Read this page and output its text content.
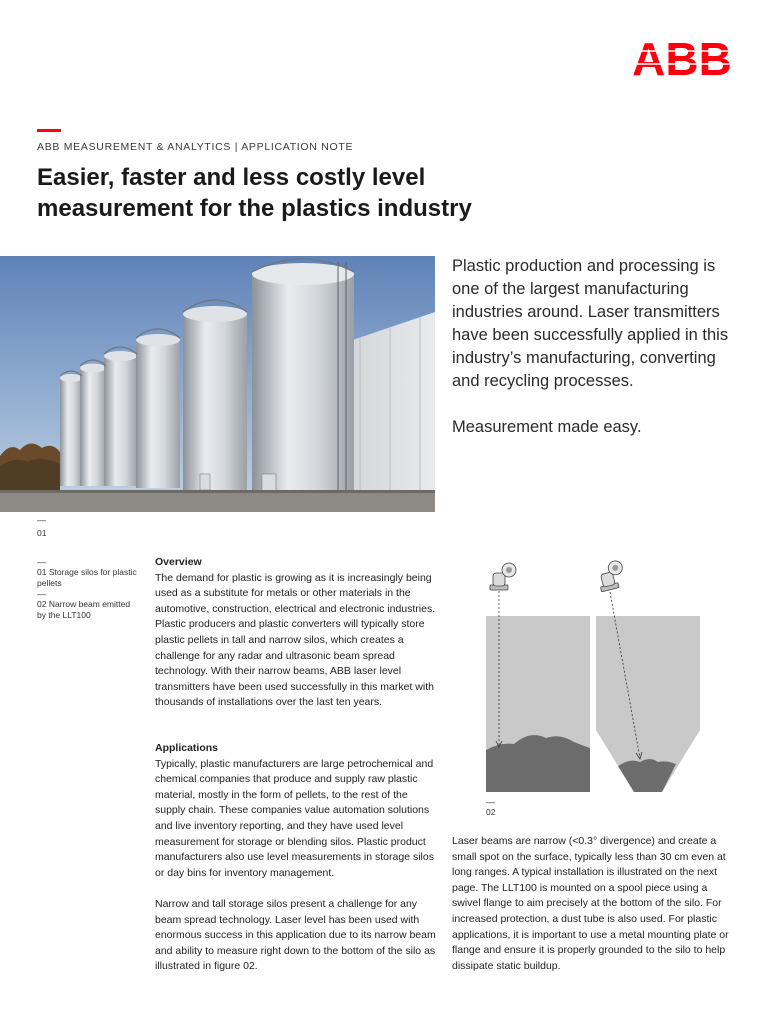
ABB
ABB MEASUREMENT & ANALYTICS | APPLICATION NOTE
Easier, faster and less costly level measurement for the plastics industry

Plastic production and processing is one of the largest manufacturing industries around. Laser transmitters have been successfully applied in this industry’s manufacturing, converting and recycling processes.

Measurement made easy.

—
01
—

01 Storage silos for plastic pellets

—

02 Narrow beam emitted by the LLT100

Overview

The demand for plastic is growing as it is increasingly being used as a substitute for metals or other materials in the automotive, construction, electrical and electronic industries. Plastic producers and plastic converters will typically store plastic pellets in tall and narrow silos, which creates a challenge for any radar and ultrasonic beam spread technology. With their narrow beams, ABB laser level transmitters have been used successfully in this market with thousands of installations over the last ten years.

Applications

Typically, plastic manufacturers are large petrochemical and chemical companies that produce and supply raw plastic material, mostly in the form of pellets, to the rest of the supply chain. These companies value automation solutions and live inventory reporting, and they have used level measurement for storage or blending silos. Plastic product manufacturers also use level measurements in storage silos or day bins for inventory management.

Narrow and tall storage silos present a challenge for any beam spread technology. Laser level has been used with enormous success in this application due to its narrow beam and ability to measure right down to the bottom of the silo as illustrated in figure 02.

—
02

Laser beams are narrow (<0.3° divergence) and create a small spot on the surface, typically less than 30 cm even at long ranges. A typical installation is illustrated on the next page. The LLT100 is mounted on a spool piece using a swivel flange to aim precisely at the bottom of the silo. For increased protection, a dust tube is also used. For plastic applications, it is important to use a metal mounting plate or flange and ensure it is properly grounded to the silo to help dissipate static buildup.
